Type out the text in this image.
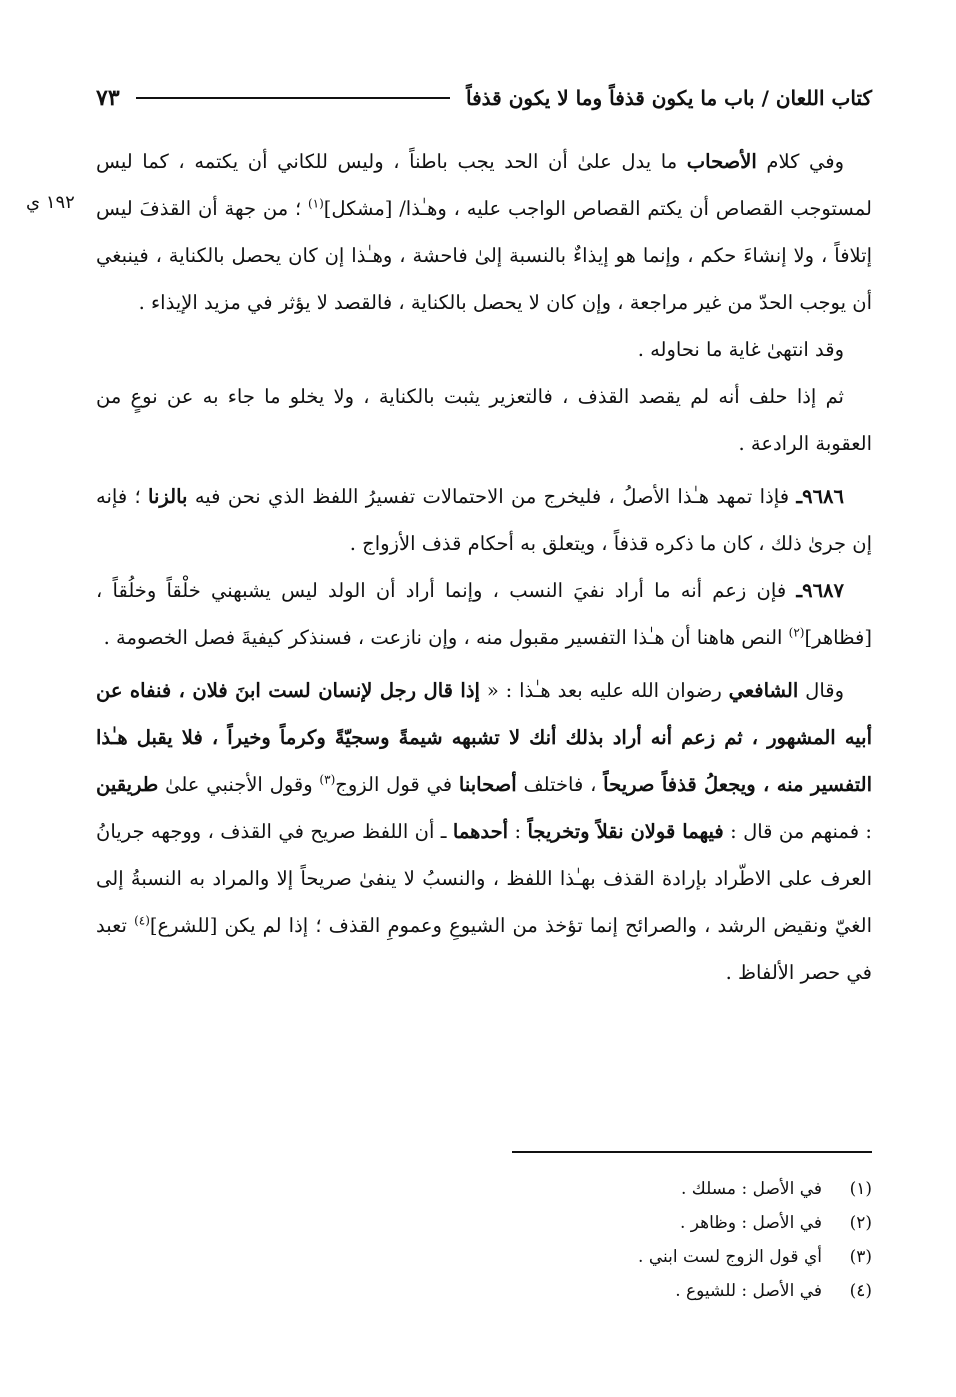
كتاب اللعان / باب ما يكون قذفاً وما لا يكون قذفاً
٧٣
١٩٢ ي

وفي كلام الأصحاب ما يدل علىٰ أن الحد يجب باطناً ، وليس للكاني أن يكتمه ، كما ليس لمستوجب القصاص أن يكتم القصاص الواجب عليه ، وهـٰذا/ [مشكل]$^{(١)}$ ؛ من جهة أن القذفَ ليس إتلافاً ، ولا إنشاءَ حكم ، وإنما هو إيذاءٌ بالنسبة إلىٰ فاحشة ، وهـٰذا إن كان يحصل بالكناية ، فينبغي أن يوجب الحدّ من غير مراجعة ، وإن كان لا يحصل بالكناية ، فالقصد لا يؤثر في مزيد الإيذاء .

وقد انتهىٰ غاية ما نحاوله .

ثم إذا حلف أنه لم يقصد القذف ، فالتعزير يثبت بالكناية ، ولا يخلو ما جاء به عن نوعٍ من العقوبة الرادعة .

٩٦٨٦ـ فإذا تمهد هـٰذا الأصلُ ، فليخرج من الاحتمالات تفسيرُ اللفظ الذي نحن فيه بالزنا ؛ فإنه إن جرىٰ ذلك ، كان ما ذكره قذفاً ، ويتعلق به أحكام قذف الأزواج .

٩٦٨٧ـ فإن زعم أنه ما أراد نفيَ النسب ، وإنما أراد أن الولد ليس يشبهني خلْقاً وخلُقاً ، [فظاهر]$^{(٢)}$ النص هاهنا أن هـٰذا التفسير مقبول منه ، وإن نازعت ، فسنذكر كيفيةَ فصل الخصومة .

وقال الشافعي رضوان الله عليه بعد هـٰذا : « إذا قال رجل لإنسان لست ابنَ فلان ، فنفاه عن أبيه المشهور ، ثم زعم أنه أراد بذلك أنك لا تشبهه شيمةً وسجيّةً وكرماً وخيراً ، فلا يقبل هـٰذا التفسير منه ، ويجعلُ قذفاً صريحاً ، فاختلف أصحابنا في قول الزوج$^{(٣)}$ وقول الأجنبي علىٰ طريقين : فمنهم من قال : فيهما قولان نقلاً وتخريجاً : أحدهما ـ أن اللفظ صريح في القذف ، ووجهه جريانُ العرف على الاطّراد بإرادة القذف بهـٰذا اللفظ ، والنسبُ لا ينفىٰ صريحاً إلا والمراد به النسبةُ إلى الغيّ ونقيض الرشد ، والصرائح إنما تؤخذ من الشيوعِ وعمومِ القذف ؛ إذا لم يكن [للشرع]$^{(٤)}$ تعبد في حصر الألفاظ .

(١)
في الأصل : مسلك .
(٢)
في الأصل : وظاهر .
(٣)
أي قول الزوج لست ابني .
(٤)
في الأصل : للشيوع .
